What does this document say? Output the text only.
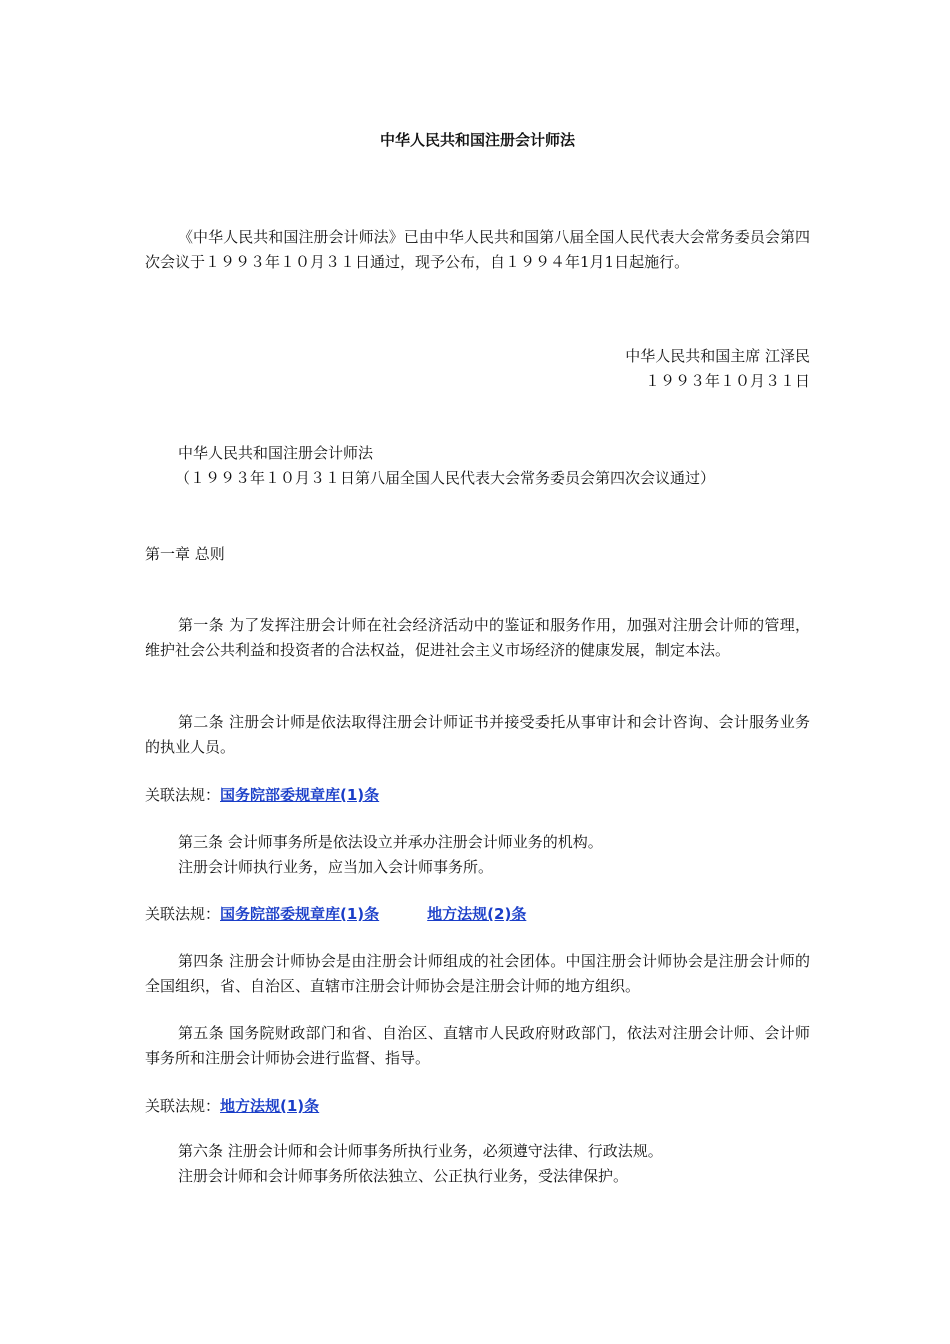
中华人民共和国注册会计师法
《中华人民共和国注册会计师法》已由中华人民共和国第八届全国人民代表大会常务委员会第四次会议于１９９３年１０月３１日通过，现予公布，自１９９４年1月1日起施行。
中华人民共和国主席 江泽民
１９９３年１０月３１日
中华人民共和国注册会计师法
（１９９３年１０月３１日第八届全国人民代表大会常务委员会第四次会议通过）
第一章 总则
第一条 为了发挥注册会计师在社会经济活动中的鉴证和服务作用，加强对注册会计师的管理，维护社会公共利益和投资者的合法权益，促进社会主义市场经济的健康发展，制定本法。
第二条 注册会计师是依法取得注册会计师证书并接受委托从事审计和会计咨询、会计服务业务的执业人员。
关联法规：国务院部委规章库(1)条
第三条 会计师事务所是依法设立并承办注册会计师业务的机构。
注册会计师执行业务，应当加入会计师事务所。
关联法规：国务院部委规章库(1)条	地方法规(2)条
第四条 注册会计师协会是由注册会计师组成的社会团体。中国注册会计师协会是注册会计师的全国组织，省、自治区、直辖市注册会计师协会是注册会计师的地方组织。
第五条 国务院财政部门和省、自治区、直辖市人民政府财政部门，依法对注册会计师、会计师事务所和注册会计师协会进行监督、指导。
关联法规：地方法规(1)条
第六条 注册会计师和会计师事务所执行业务，必须遵守法律、行政法规。
注册会计师和会计师事务所依法独立、公正执行业务，受法律保护。
